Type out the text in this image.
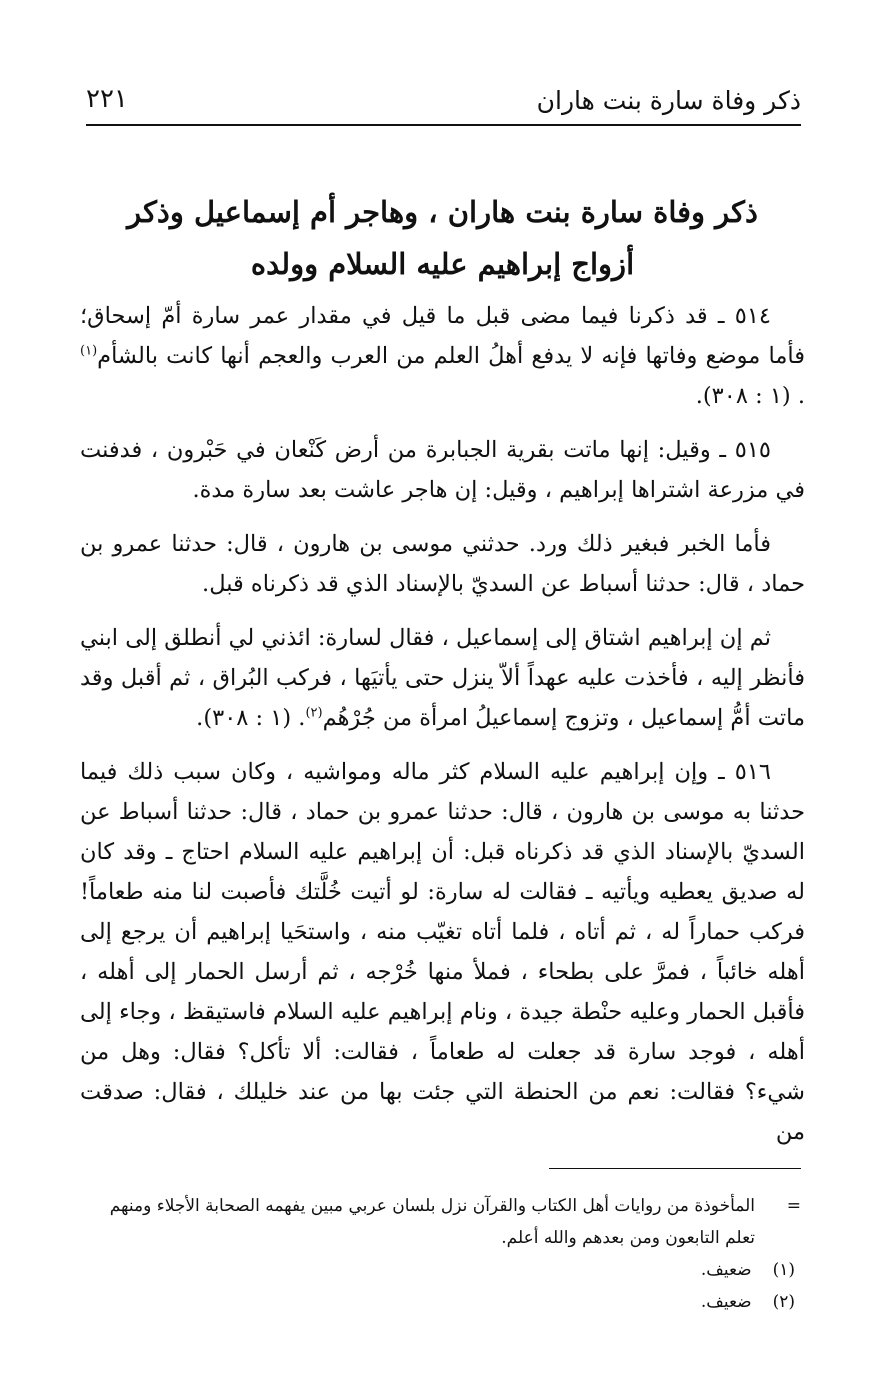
ذكر وفاة سارة بنت هاران
٢٢١
ذكر وفاة سارة بنت هاران ، وهاجر أم إسماعيل وذكر
أزواج إبراهيم عليه السلام وولده

٥١٤ ـ قد ذكرنا فيما مضى قبل ما قيل في مقدار عمر سارة أمّ إسحاق؛ فأما موضع وفاتها فإنه لا يدفع أهلُ العلم من العرب والعجم أنها كانت بالشأم$^{(١)}$ . (١ : ٣٠٨).

٥١٥ ـ وقيل: إنها ماتت بقرية الجبابرة من أرض كَنْعان في حَبْرون ، فدفنت في مزرعة اشتراها إبراهيم ، وقيل: إن هاجر عاشت بعد سارة مدة.

فأما الخبر فبغير ذلك ورد. حدثني موسى بن هارون ، قال: حدثنا عمرو بن حماد ، قال: حدثنا أسباط عن السديّ بالإسناد الذي قد ذكرناه قبل.

ثم إن إبراهيم اشتاق إلى إسماعيل ، فقال لسارة: ائذني لي أنطلق إلى ابني فأنظر إليه ، فأخذت عليه عهداً ألاّ ينزل حتى يأتيَها ، فركب البُراق ، ثم أقبل وقد ماتت أمُّ إسماعيل ، وتزوج إسماعيلُ امرأة من جُرْهُم$^{(٢)}$. (١ : ٣٠٨).

٥١٦ ـ وإن إبراهيم عليه السلام كثر ماله ومواشيه ، وكان سبب ذلك فيما حدثنا به موسى بن هارون ، قال: حدثنا عمرو بن حماد ، قال: حدثنا أسباط عن السديّ بالإسناد الذي قد ذكرناه قبل: أن إبراهيم عليه السلام احتاج ـ وقد كان له صديق يعطيه ويأتيه ـ فقالت له سارة: لو أتيت خُلَّتك فأصبت لنا منه طعاماً! فركب حماراً له ، ثم أتاه ، فلما أتاه تغيّب منه ، واستحَيا إبراهيم أن يرجع إلى أهله خائباً ، فمرَّ على بطحاء ، فملأ منها خُرْجه ، ثم أرسل الحمار إلى أهله ، فأقبل الحمار وعليه حنْطة جيدة ، ونام إبراهيم عليه السلام فاستيقظ ، وجاء إلى أهله ، فوجد سارة قد جعلت له طعاماً ، فقالت: ألا تأكل؟ فقال: وهل من شيء؟ فقالت: نعم من الحنطة التي جئت بها من عند خليلك ، فقال: صدقت من

=
المأخوذة من روايات أهل الكتاب والقرآن نزل بلسان عربي مبين يفهمه الصحابة الأجلاء ومنهم تعلم التابعون ومن بعدهم والله أعلم.
(١) ضعيف.
(٢) ضعيف.
